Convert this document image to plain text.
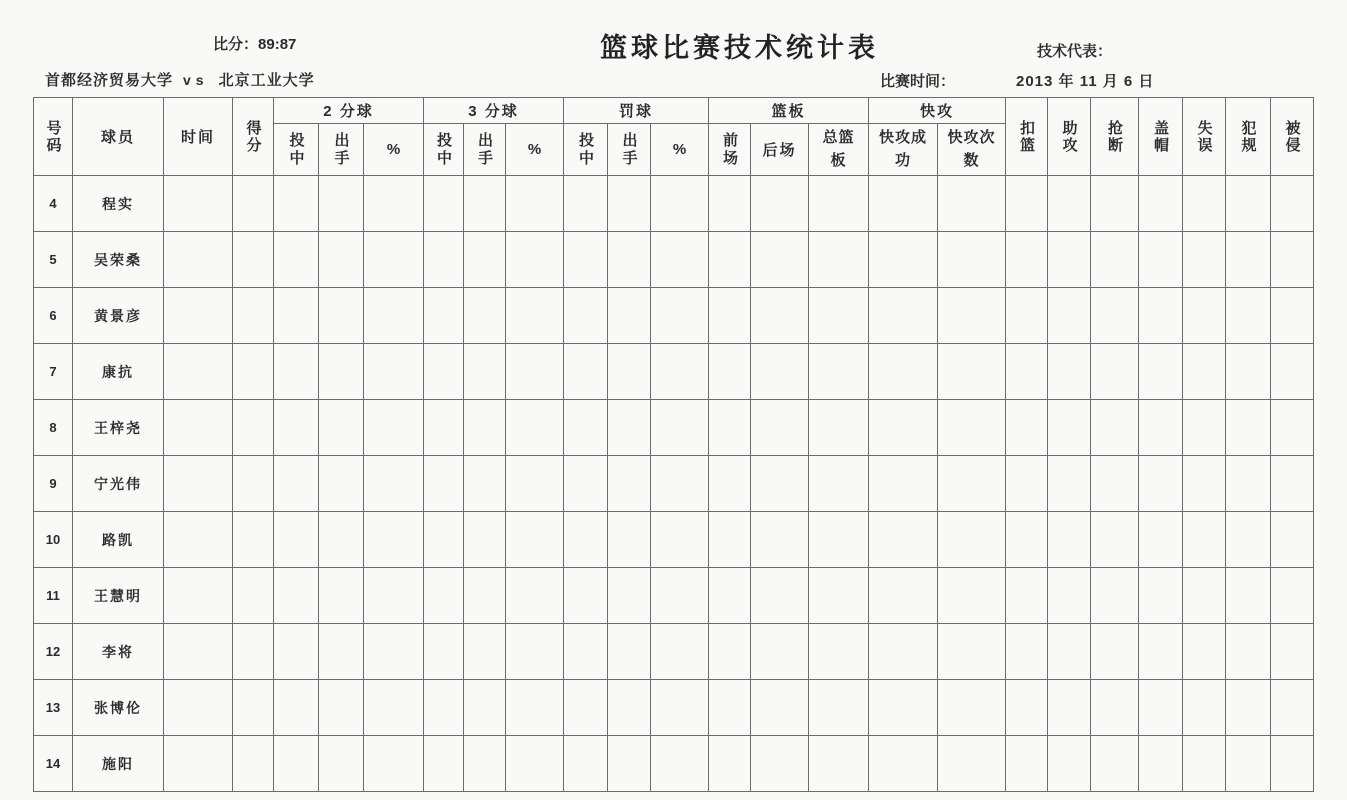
比分：89:87	篮球比赛技术统计表	技术代表：
首都经济贸易大学 vs 北京工业大学	比赛时间：	2013 年 11 月 6 日
号码	球员	时间	得分	2 分球			3 分球			罚球			篮板			快攻		扣篮	助攻	抢断	盖帽	失误	犯规	被侵
				投中	出手	%	投中	出手	%	投中	出手	%	前场	后场	总篮板	快攻成功	快攻次数							
4	程实																							
5	吴荣桑																							
6	黄景彦																							
7	康抗																							
8	王梓尧																							
9	宁光伟																							
10	路凯																							
11	王慧明																							
12	李将																							
13	张博伦																							
14	施阳																							
